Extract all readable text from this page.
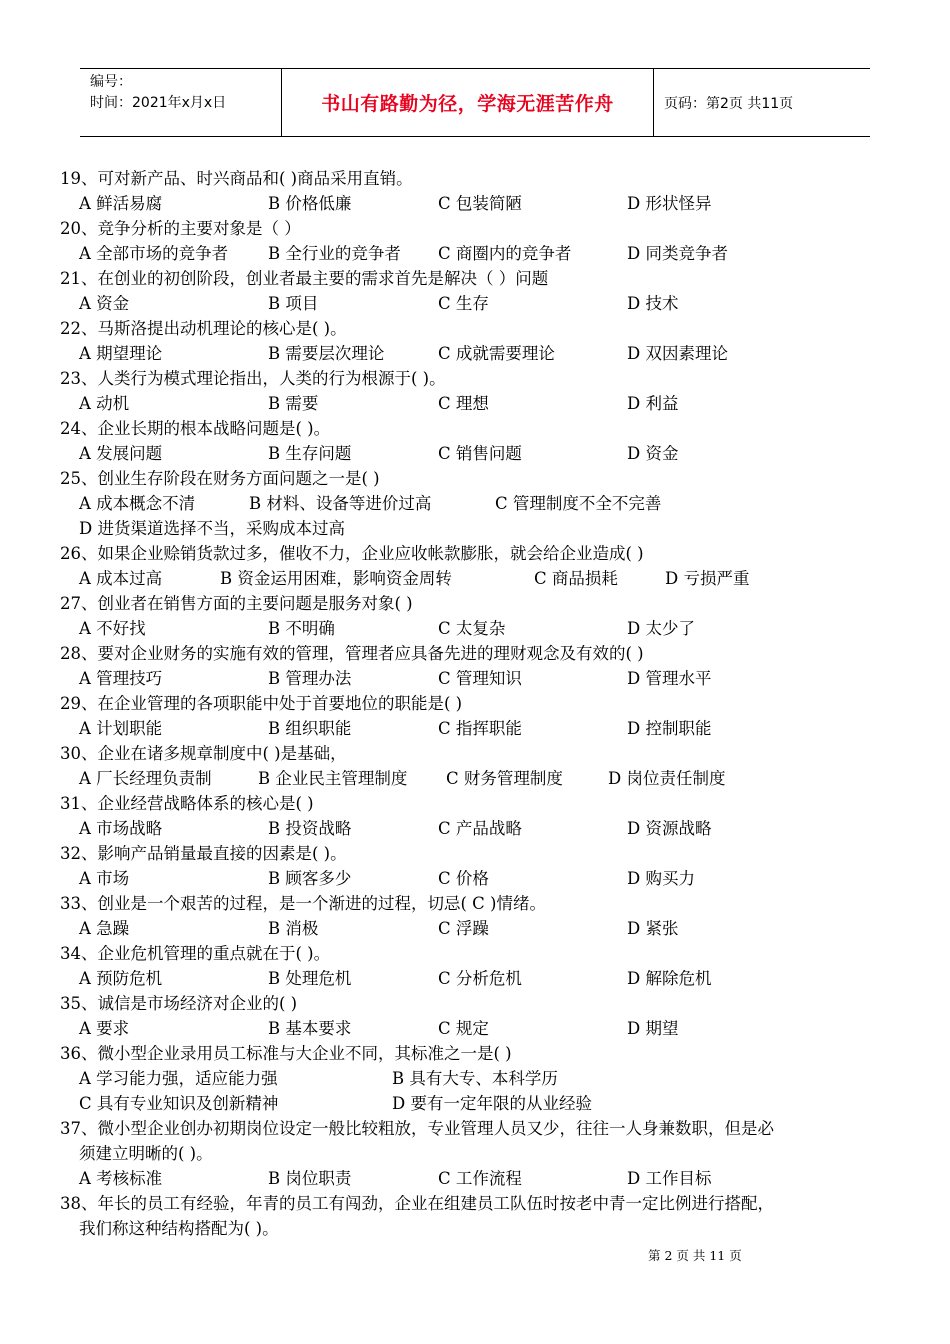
编号：
时间：2021年x月x日	书山有路勤为径，学海无涯苦作舟	页码：第2页 共11页
19、可对新产品、时兴商品和( )商品采用直销。
A 鲜活易腐	B 价格低廉	C 包装简陋	D 形状怪异
20、竞争分析的主要对象是（ ）
A 全部市场的竞争者 B 全行业的竞争者 C 商圈内的竞争者	D 同类竞争者
21、在创业的初创阶段，创业者最主要的需求首先是解决（ ）问题
A 资金	B 项目	C 生存	D 技术
22、马斯洛提出动机理论的核心是( )。
A 期望理论	B 需要层次理论	C 成就需要理论	D 双因素理论
23、人类行为模式理论指出，人类的行为根源于( )。
A 动机	B 需要	C 理想	D 利益
24、企业长期的根本战略问题是( )。
A 发展问题	B 生存问题	C 销售问题	D 资金
25、创业生存阶段在财务方面问题之一是( )
A 成本概念不清	B 材料、设备等进价过高	C 管理制度不全不完善
D 进货渠道选择不当，采购成本过高
26、如果企业赊销货款过多，催收不力，企业应收帐款膨胀，就会给企业造成( )
A 成本过高	B 资金运用困难，影响资金周转	C 商品损耗	D 亏损严重
27、创业者在销售方面的主要问题是服务对象( )
A 不好找	B 不明确	C 太复杂	D 太少了
28、要对企业财务的实施有效的管理，管理者应具备先进的理财观念及有效的( )
A 管理技巧	B 管理办法	C 管理知识	D 管理水平
29、在企业管理的各项职能中处于首要地位的职能是( )
A 计划职能	B 组织职能	C 指挥职能	D 控制职能
30、企业在诸多规章制度中( )是基础，
A 厂长经理负责制	B 企业民主管理制度 C 财务管理制度	D 岗位责任制度
31、企业经营战略体系的核心是( )
A 市场战略	B 投资战略	C 产品战略	D 资源战略
32、影响产品销量最直接的因素是( )。
A 市场	B 顾客多少	C 价格	D 购买力
33、创业是一个艰苦的过程，是一个渐进的过程，切忌( C )情绪。
A 急躁	B 消极	C 浮躁	D 紧张
34、企业危机管理的重点就在于( )。
A 预防危机	B 处理危机	C 分析危机	D 解除危机
35、诚信是市场经济对企业的( )
A 要求	B 基本要求	C 规定	D 期望
36、微小型企业录用员工标准与大企业不同，其标准之一是( )
A 学习能力强，适应能力强	B 具有大专、本科学历
C 具有专业知识及创新精神	D 要有一定年限的从业经验
37、微小型企业创办初期岗位设定一般比较粗放，专业管理人员又少，往往一人身兼数职，但是必
须建立明晰的( )。
A 考核标准	B 岗位职责	C 工作流程	D 工作目标
38、年长的员工有经验，年青的员工有闯劲，企业在组建员工队伍时按老中青一定比例进行搭配，
我们称这种结构搭配为( )。
第 2 页 共 11 页
